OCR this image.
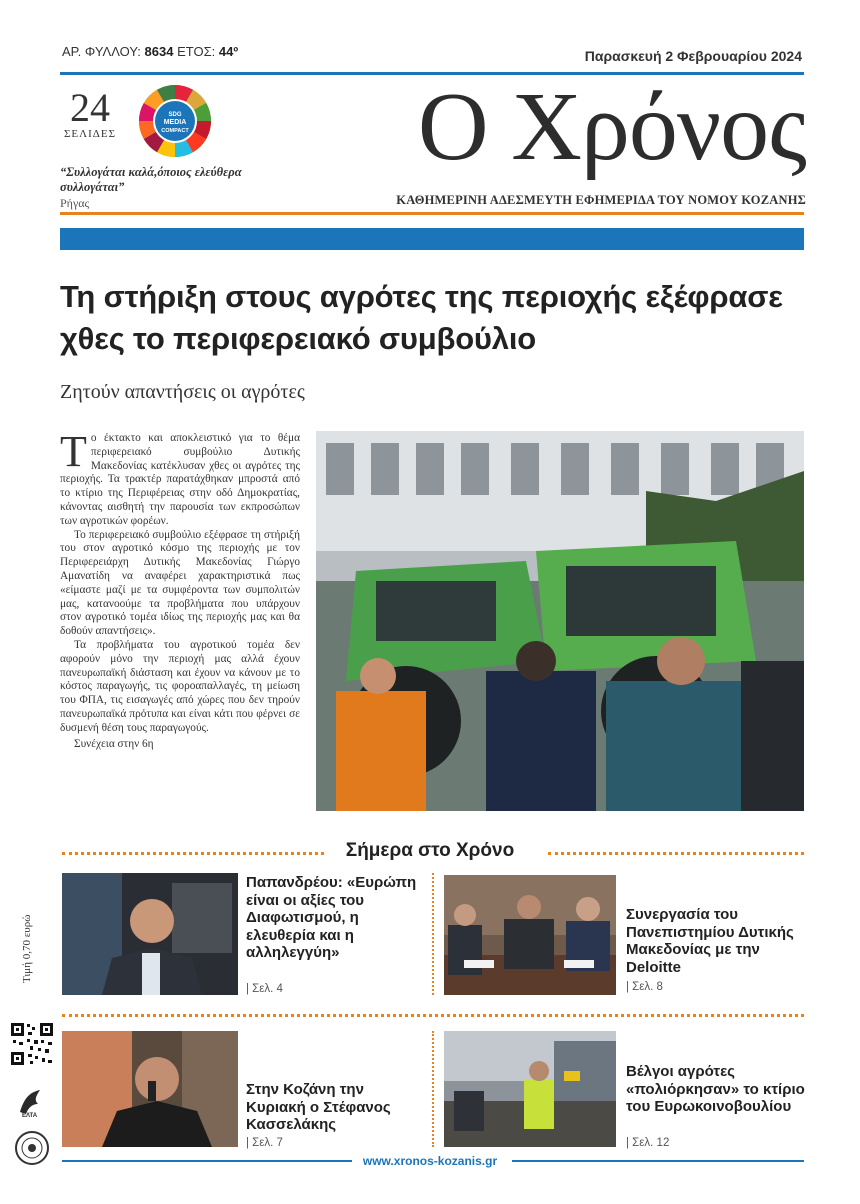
ΑΡ. ΦΥΛΛΟΥ: 8634 ΕΤΟΣ: 44º	Παρασκευή 2 Φεβρουαρίου 2024
24
ΣΕΛΙΔΕΣ
SDG
MEDIA
COMPACT
“Συλλογάται καλά,όποιος ελεύθερα συλλογάται”
Ρήγας
Ο Χρόνος
ΚΑΘΗΜΕΡΙΝΗ ΑΔΕΣΜΕΥΤΗ ΕΦΗΜΕΡΙΔΑ ΤΟΥ ΝΟΜΟΥ ΚΟΖΑΝΗΣ
Τη στήριξη στους αγρότες της περιοχής εξέφρασε χθες το περιφερειακό συμβούλιο
Ζητούν απαντήσεις οι αγρότες

Το έκτακτο και αποκλειστικό για το θέμα περιφερειακό συμβούλιο Δυτικής Μακεδονίας κατέκλυσαν χθες οι αγρότες της περιοχής. Τα τρακτέρ παρατάχθηκαν μπροστά από το κτίριο της Περιφέρειας στην οδό Δημοκρατίας, κάνοντας αισθητή την παρουσία των εκπροσώπων των αγροτικών φορέων.

Το περιφερειακό συμβούλιο εξέφρασε τη στήριξή του στον αγροτικό κόσμο της περιοχής με τον Περιφερειάρχη Δυτικής Μακεδονίας Γιώργο Αμανατίδη να αναφέρει χαρακτηριστικά πως «είμαστε μαζί με τα συμφέροντα των συμπολιτών μας, κατανοούμε τα προβλήματα που υπάρχουν στον αγροτικό τομέα ιδίως της περιοχής μας και θα δοθούν απαντήσεις».

Τα προβλήματα του αγροτικού τομέα δεν αφορούν μόνο την περιοχή μας αλλά έχουν πανευρωπαϊκή διάσταση και έχουν να κάνουν με το κόστος παραγωγής, τις φοροαπαλλαγές, τη μείωση του ΦΠΑ, τις εισαγωγές από χώρες που δεν τηρούν πανευρωπαϊκά πρότυπα και είναι κάτι που φέρνει σε δυσμενή θέση τους παραγωγούς.

Συνέχεια στην 6η

Σήμερα στο Χρόνο
Παπανδρέου: «Ευρώπη είναι οι αξίες του Διαφωτισμού, η ελευθερία και η αλληλεγγύη»
| Σελ. 4
Συνεργασία του Πανεπιστημίου Δυτικής Μακεδονίας με την Deloitte
| Σελ. 8
Στην Κοζάνη την Κυριακή ο Στέφανος Κασσελάκης
| Σελ. 7
Βέλγοι αγρότες «πολιόρκησαν» το κτίριο του Ευρωκοινοβουλίου
| Σελ. 12
Τιμή 0,70 ευρώ
ΕΛΤΑ
www.xronos-kozanis.gr
